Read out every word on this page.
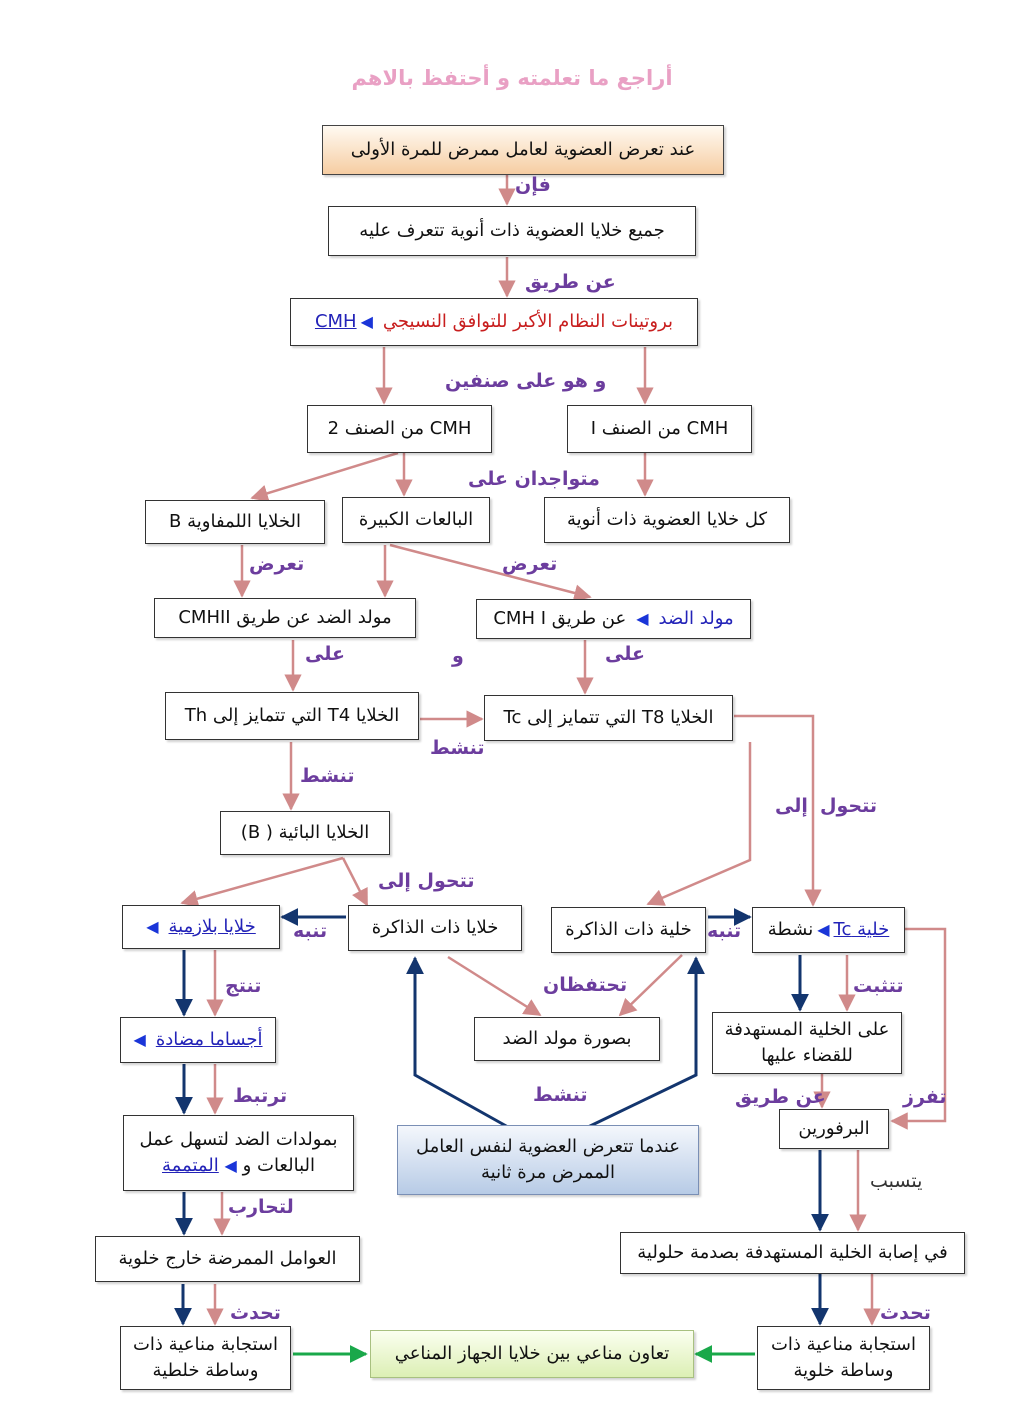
أراجع ما تعلمته و أحتفظ بالاهم
عند تعرض العضوية لعامل ممرض للمرة الأولى
جميع خلايا العضوية ذات أنوية تتعرف عليه
بروتينات النظام الأكبر للتوافق النسيجي
CMH ◀
CMH من الصنف 2	CMH من الصنف I
الخلايا اللمفاوية B	البالعات الكبيرة	كل خلايا العضوية ذات أنوية
مولد الضد عن طريق CMHII	مولد الضد
◀
عن طريق CMH I
الخلايا T4 التي تتمايز إلى Th	الخلايا T8 التي تتمايز إلى Tc
الخلايا البائية ( B)
خلايا بلازمية
◀	خلايا ذات الذاكرة	خلية ذات الذاكرة	خلية Tc
◀
نشطة
أجساما مضادة
◀	بصورة مولد الضد	على الخلية المستهدفة للقضاء عليها
البرفورين
بمولدات الضد لتسهل عمل البالعات و ◀ المتممة
عندما تتعرض العضوية لنفس العامل الممرض مرة ثانية
العوامل الممرضة خارج خلوية	في إصابة الخلية المستهدفة بصدمة حلولية
استجابة مناعية ذات وساطة خلطية
تعاون مناعي بين خلايا الجهاز المناعي	استجابة مناعية ذات وساطة خلوية
فإن
عن طريق
و هو على صنفين
متواجدان على
تعرض	تعرض
على	و	على
تنشط
تنشط
تتحول
إلى
تتحول إلى
تنبه	تنبه
تنتج	تحتفظان	تتثبت
ترتبط	تنشط	عن طريق	تفرز
لتحارب
يتسبب
تحدث	تحدث
